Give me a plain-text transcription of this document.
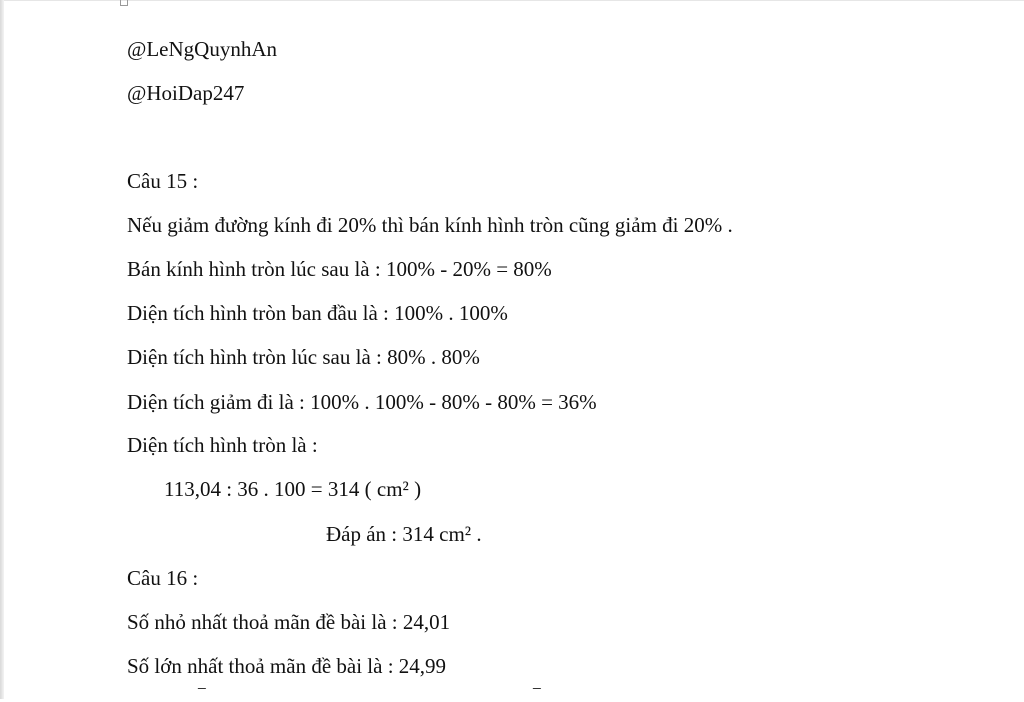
@LeNgQuynhAn
@HoiDap247
Câu 15 :
Nếu giảm đường kính đi 20% thì bán kính hình tròn cũng giảm đi 20% .
Bán kính hình tròn lúc sau là : 100% - 20% = 80%
Diện tích hình tròn ban đầu là : 100% . 100%
Diện tích hình tròn lúc sau là : 80% . 80%
Diện tích giảm đi là : 100% . 100% - 80% - 80% = 36%
Diện tích hình tròn là :
113,04 : 36 . 100 = 314 ( cm² )
Đáp án : 314 cm² .
Câu 16 :
Số nhỏ nhất thoả mãn đề bài là : 24,01
Số lớn nhất thoả mãn đề bài là : 24,99
